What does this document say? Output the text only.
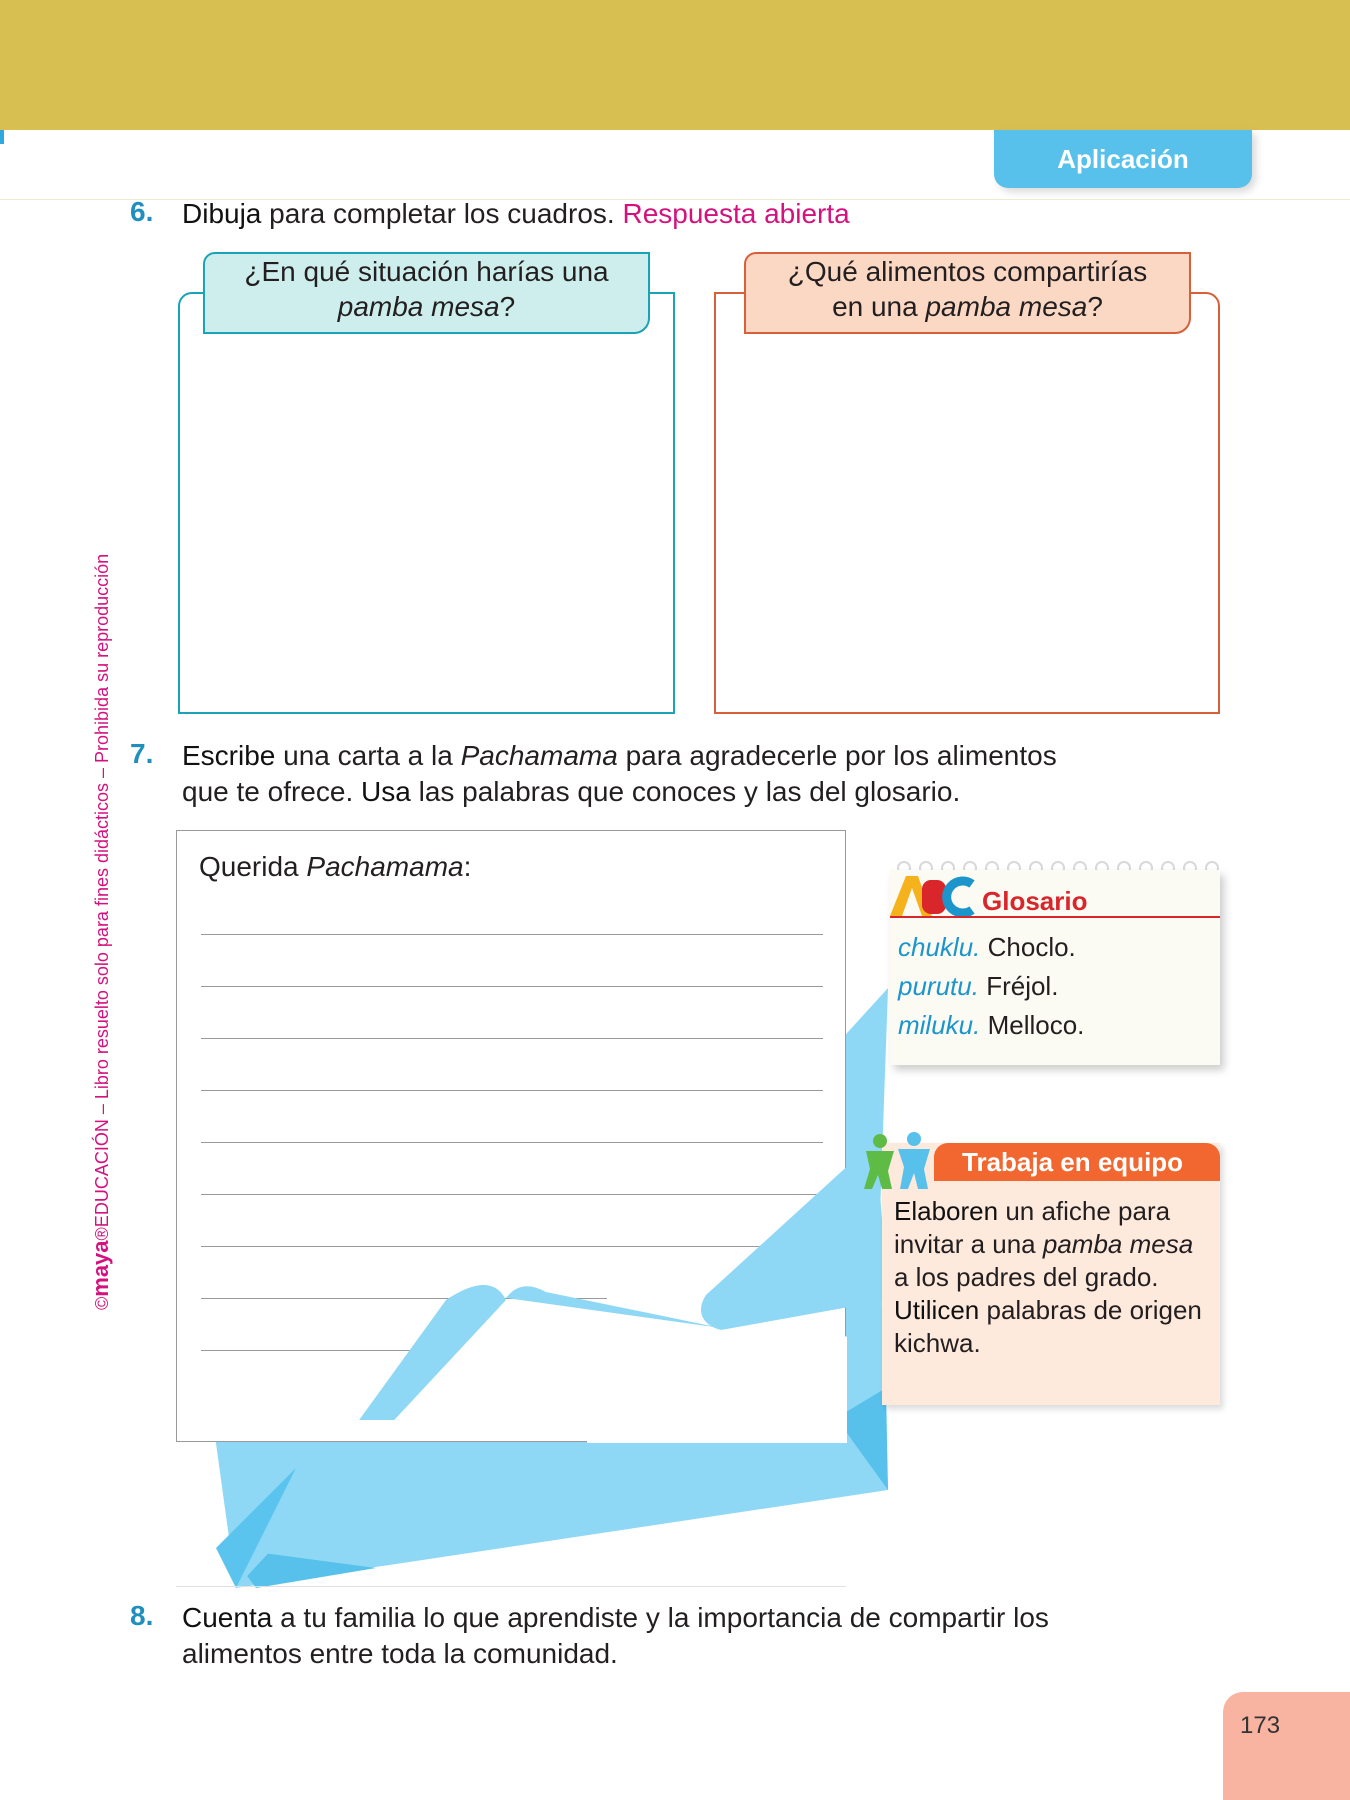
Aplicación
©maya®EDUCACIÓN – Libro resuelto solo para fines didácticos – Prohibida su reproducción
6. Dibuja para completar los cuadros. Respuesta abierta
¿En qué situación harías una
pamba mesa?
¿Qué alimentos compartirías
en una pamba mesa?
7. Escribe una carta a la Pachamama para agradecerle por los alimentos
que te ofrece. Usa las palabras que conoces y las del glosario.
Querida Pachamama:
Glosario
chuklu. Choclo.
purutu. Fréjol.
miluku. Melloco.
Trabaja en equipo
Elaboren un afiche para invitar a una pamba mesa a los padres del grado. Utilicen palabras de origen kichwa.
8. Cuenta a tu familia lo que aprendiste y la importancia de compartir los
alimentos entre toda la comunidad.
173
